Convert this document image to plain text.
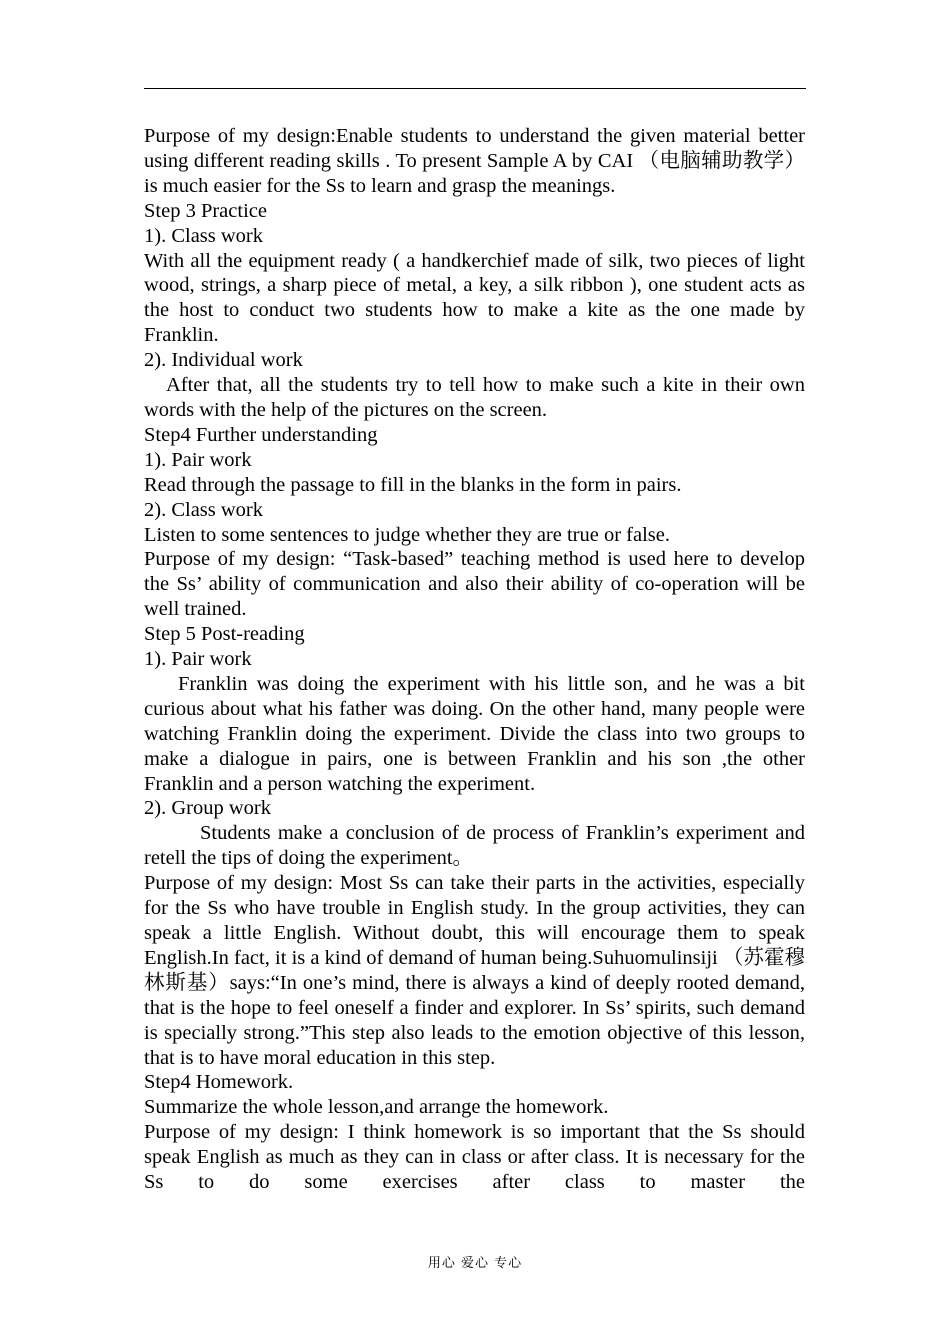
Purpose of my design:Enable students to understand the given material better using different reading skills . To present Sample A by CAI （电脑辅助教学）is much easier for the Ss to learn and grasp the meanings.

Step 3 Practice

1). Class work

With all the equipment ready ( a handkerchief made of silk, two pieces of light wood, strings, a sharp piece of metal, a key, a silk ribbon ), one student acts as the host to conduct two students how to make a kite as the one made by Franklin.

2). Individual work

After that, all the students try to tell how to make such a kite in their own words with the help of the pictures on the screen.

Step4 Further understanding

1). Pair work

Read through the passage to fill in the blanks in the form in pairs.

2). Class work

Listen to some sentences to judge whether they are true or false.

Purpose of my design: “Task-based” teaching method is used here to develop the Ss’ ability of communication and also their ability of co-operation will be well trained.

Step 5 Post-reading

1). Pair work

Franklin was doing the experiment with his little son, and he was a bit curious about what his father was doing. On the other hand, many people were watching Franklin doing the experiment. Divide the class into two groups to make a dialogue in pairs, one is between Franklin and his son ,the other Franklin and a person watching the experiment.

2). Group work

Students make a conclusion of de process of Franklin’s experiment and retell the tips of doing the experiment。

Purpose of my design: Most Ss can take their parts in the activities, especially for the Ss who have trouble in English study. In the group activities, they can speak a little English. Without doubt, this will encourage them to speak English.In fact, it is a kind of demand of human being.Suhuomulinsiji （苏霍穆林斯基）says:“In one’s mind, there is always a kind of deeply rooted demand, that is the hope to feel oneself a finder and explorer. In Ss’ spirits, such demand is specially strong.”This step also leads to the emotion objective of this lesson, that is to have moral education in this step.

Step4 Homework.

Summarize the whole lesson,and arrange the homework.

Purpose of my design: I think homework is so important that the Ss should speak English as much as they can in class or after class. It is necessary for the Ss to do some exercises after class to master the

用心 爱心 专心
